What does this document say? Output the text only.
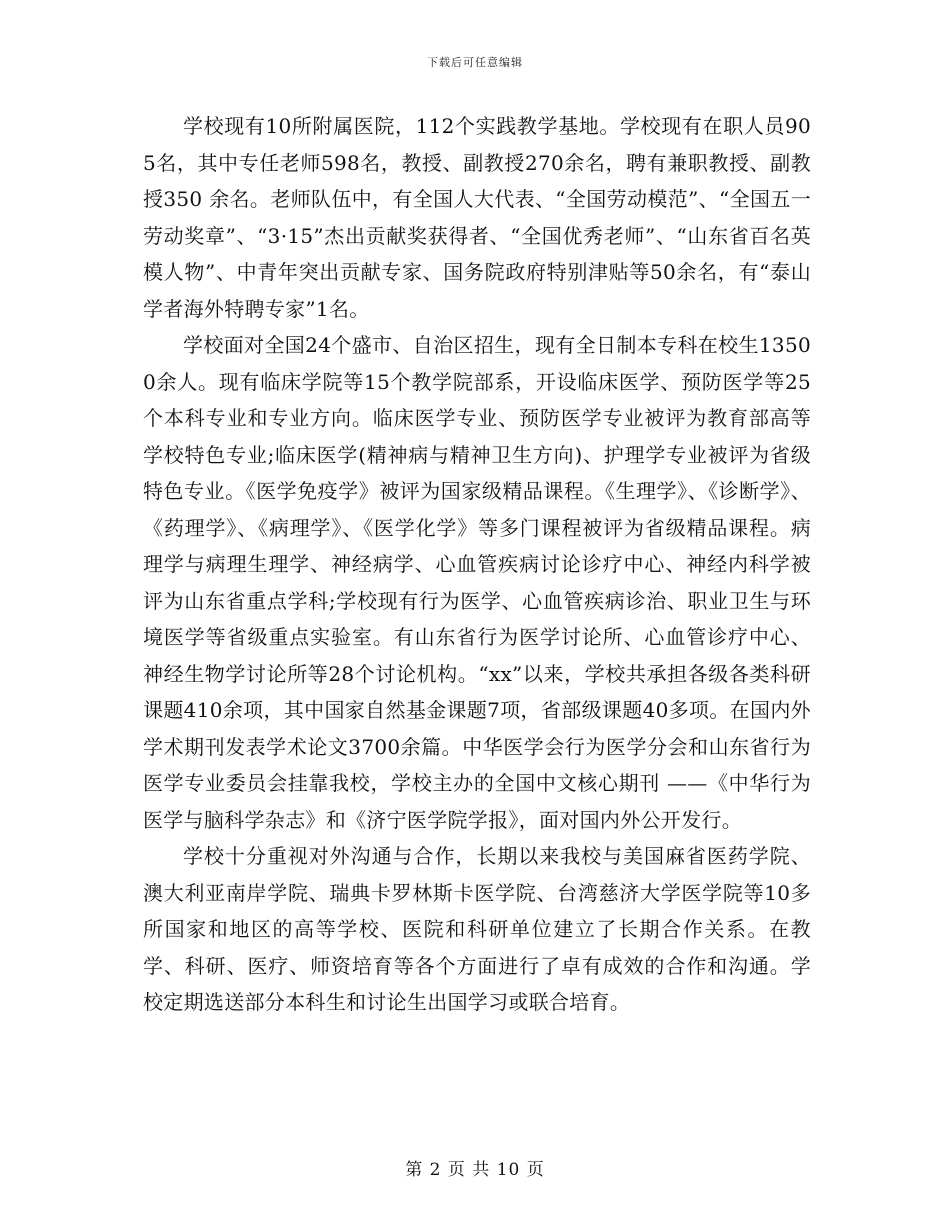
下载后可任意编辑

学校现有10所附属医院，112个实践教学基地。学校现有在职人员905名，其中专任老师598名，教授、副教授270余名，聘有兼职教授、副教授350 余名。老师队伍中，有全国人大代表、“全国劳动模范”、“全国五一劳动奖章”、“3·15”杰出贡献奖获得者、“全国优秀老师”、“山东省百名英模人物”、中青年突出贡献专家、国务院政府特别津贴等50余名，有“泰山学者海外特聘专家”1名。

学校面对全国24个盛市、自治区招生，现有全日制本专科在校生13500余人。现有临床学院等15个教学院部系，开设临床医学、预防医学等25个本科专业和专业方向。临床医学专业、预防医学专业被评为教育部高等学校特色专业;临床医学(精神病与精神卫生方向)、护理学专业被评为省级特色专业。《医学免疫学》被评为国家级精品课程。《生理学》、《诊断学》、《药理学》、《病理学》、《医学化学》等多门课程被评为省级精品课程。病理学与病理生理学、神经病学、心血管疾病讨论诊疗中心、神经内科学被评为山东省重点学科;学校现有行为医学、心血管疾病诊治、职业卫生与环境医学等省级重点实验室。有山东省行为医学讨论所、心血管诊疗中心、神经生物学讨论所等28个讨论机构。“xx”以来，学校共承担各级各类科研课题410余项，其中国家自然基金课题7项，省部级课题40多项。在国内外学术期刊发表学术论文3700余篇。中华医学会行为医学分会和山东省行为医学专业委员会挂靠我校，学校主办的全国中文核心期刊 ——《中华行为医学与脑科学杂志》和《济宁医学院学报》，面对国内外公开发行。

学校十分重视对外沟通与合作，长期以来我校与美国麻省医药学院、澳大利亚南岸学院、瑞典卡罗林斯卡医学院、台湾慈济大学医学院等10多所国家和地区的高等学校、医院和科研单位建立了长期合作关系。在教学、科研、医疗、师资培育等各个方面进行了卓有成效的合作和沟通。学校定期选送部分本科生和讨论生出国学习或联合培育。

第 2 页 共 10 页
